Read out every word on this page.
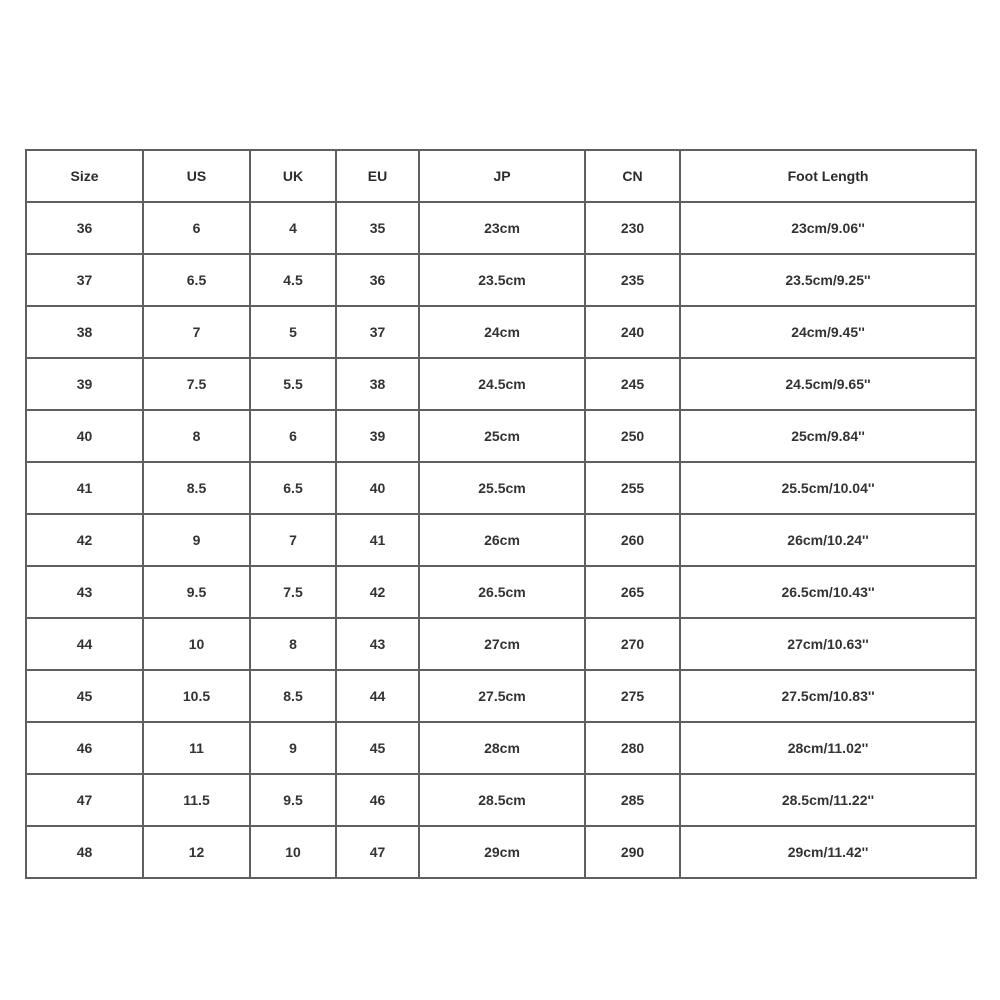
Size	US	UK	EU	JP	CN	Foot Length
36	6	4	35	23cm	230	23cm/9.06''
37	6.5	4.5	36	23.5cm	235	23.5cm/9.25''
38	7	5	37	24cm	240	24cm/9.45''
39	7.5	5.5	38	24.5cm	245	24.5cm/9.65''
40	8	6	39	25cm	250	25cm/9.84''
41	8.5	6.5	40	25.5cm	255	25.5cm/10.04''
42	9	7	41	26cm	260	26cm/10.24''
43	9.5	7.5	42	26.5cm	265	26.5cm/10.43''
44	10	8	43	27cm	270	27cm/10.63''
45	10.5	8.5	44	27.5cm	275	27.5cm/10.83''
46	11	9	45	28cm	280	28cm/11.02''
47	11.5	9.5	46	28.5cm	285	28.5cm/11.22''
48	12	10	47	29cm	290	29cm/11.42''
